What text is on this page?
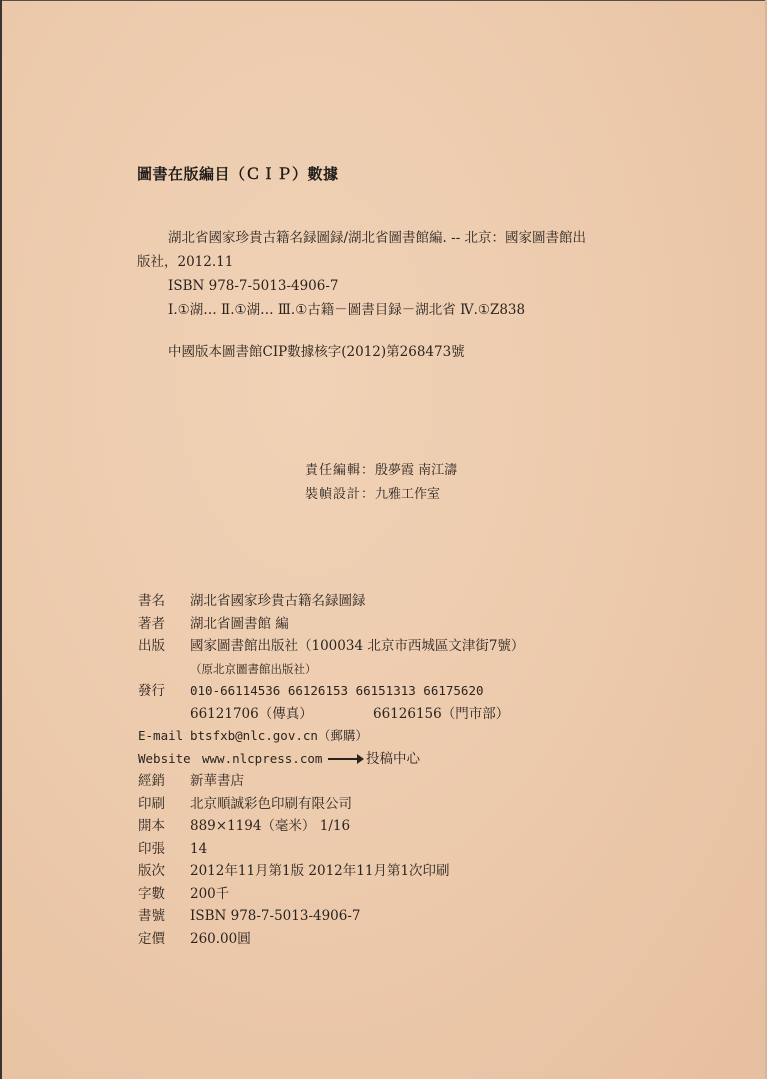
圖書在版編目（ＣＩＰ）數據
湖北省國家珍貴古籍名録圖録/湖北省圖書館編. -- 北京：國家圖書館出
版社，2012.11
ISBN 978-7-5013-4906-7
Ⅰ.①湖… Ⅱ.①湖… Ⅲ.①古籍－圖書目録－湖北省 Ⅳ.①Z838
中國版本圖書館CIP數據核字(2012)第268473號
責任編輯：殷夢霞 南江濤
裝幀設計：九雅工作室
書名 湖北省國家珍貴古籍名録圖録
著者 湖北省圖書館 編
出版 國家圖書館出版社（100034 北京市西城區文津街7號）
（原北京圖書館出版社）
發行 010-66114536 66126153 66151313 66175620
66121706（傳真）	66126156（門市部）
E-mail btsfxb@nlc.gov.cn（郵購）
Website www.nlcpress.com	投稿中心
經銷 新華書店
印刷 北京順誠彩色印刷有限公司
開本 889×1194（毫米） 1/16
印張 14
版次 2012年11月第1版 2012年11月第1次印刷
字數 200千
書號 ISBN 978-7-5013-4906-7
定價 260.00圓
